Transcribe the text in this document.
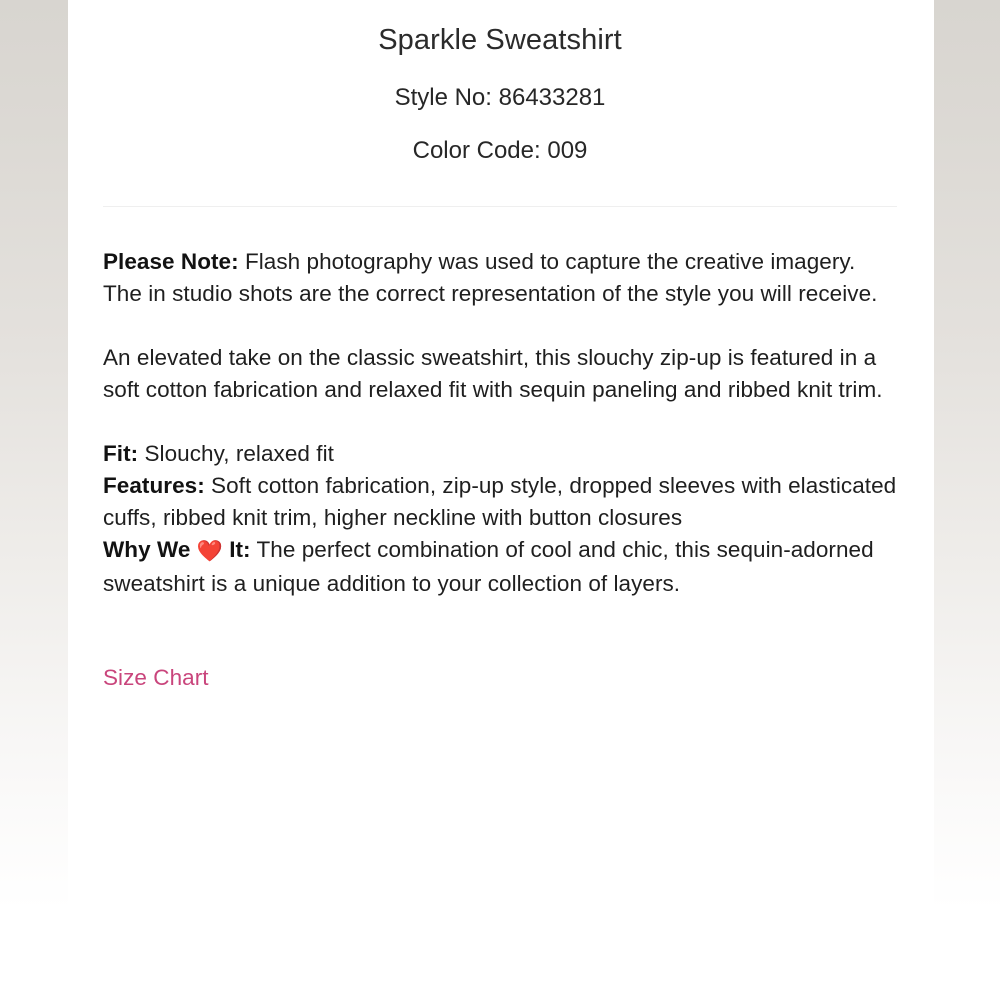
Sparkle Sweatshirt

Style No: 86433281

Color Code: 009

Please Note: Flash photography was used to capture the creative imagery. The in studio shots are the correct representation of the style you will receive.

An elevated take on the classic sweatshirt, this slouchy zip-up is featured in a soft cotton fabrication and relaxed fit with sequin paneling and ribbed knit trim.

Fit: Slouchy, relaxed fit

Features: Soft cotton fabrication, zip-up style, dropped sleeves with elasticated cuffs, ribbed knit trim, higher neckline with button closures

Why We ❤️ It: The perfect combination of cool and chic, this sequin-adorned sweatshirt is a unique addition to your collection of layers.

Size Chart
